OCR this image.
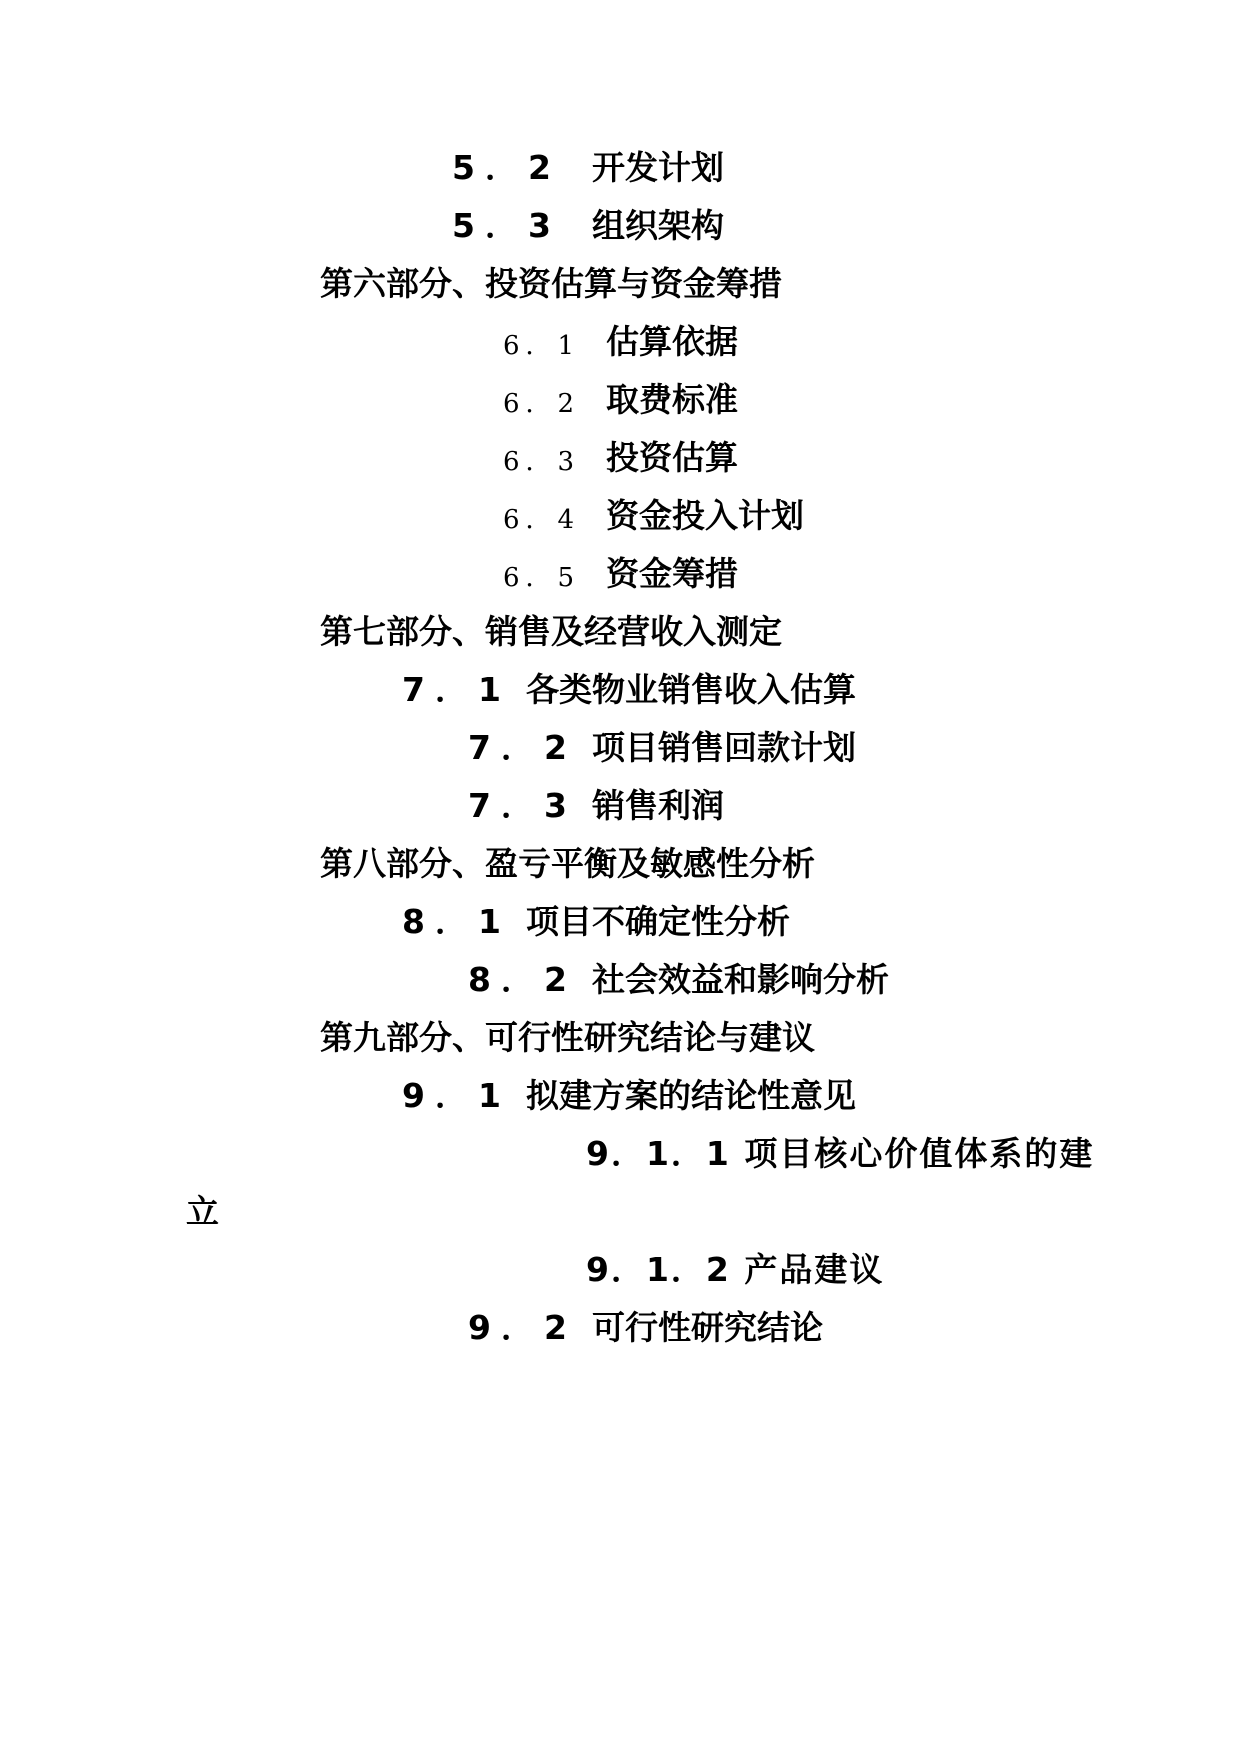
5．2 开发计划
5．3 组织架构
第六部分、投资估算与资金筹措
6．1 估算依据
6．2 取费标准
6．3 投资估算
6．4 资金投入计划
6．5 资金筹措
第七部分、销售及经营收入测定
7．1 各类物业销售收入估算
7．2 项目销售回款计划
7．3 销售利润
第八部分、盈亏平衡及敏感性分析
8．1 项目不确定性分析
8．2 社会效益和影响分析
第九部分、可行性研究结论与建议
9．1 拟建方案的结论性意见
9．1．1 项目核心价值体系的建
立
9．1．2 产品建议
9．2 可行性研究结论
